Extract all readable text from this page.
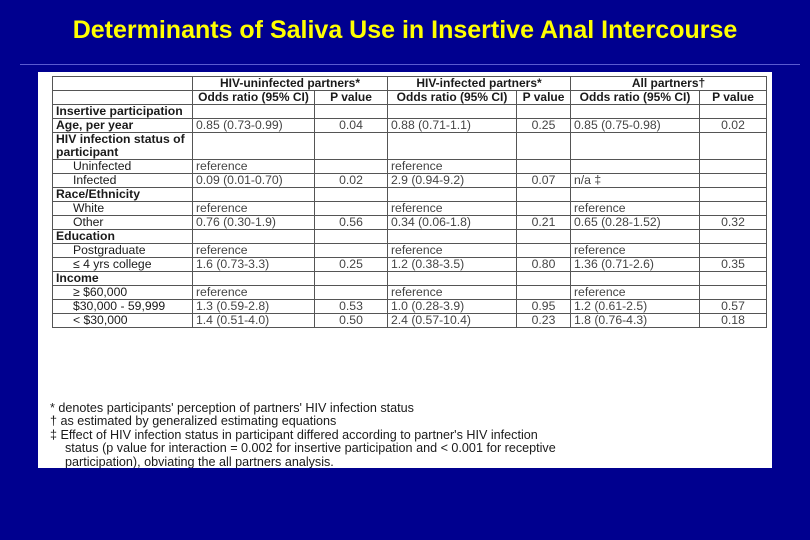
Determinants of Saliva Use in Insertive Anal Intercourse
	HIV-uninfected partners*		HIV-infected partners*		All partners†	
	Odds ratio (95% CI)	P value	Odds ratio (95% CI)	P value	Odds ratio (95% CI)	P value
Insertive participation						
Age, per year	0.85 (0.73-0.99)	0.04	0.88 (0.71-1.1)	0.25	0.85 (0.75-0.98)	0.02
HIV infection status of participant						
Uninfected	reference		reference			
Infected	0.09 (0.01-0.70)	0.02	2.9 (0.94-9.2)	0.07	n/a ‡	
Race/Ethnicity						
White	reference		reference		reference	
Other	0.76 (0.30-1.9)	0.56	0.34 (0.06-1.8)	0.21	0.65 (0.28-1.52)	0.32
Education						
Postgraduate	reference		reference		reference	
≤ 4 yrs college	1.6 (0.73-3.3)	0.25	1.2 (0.38-3.5)	0.80	1.36 (0.71-2.6)	0.35
Income						
≥ $60,000	reference		reference		reference	
$30,000 - 59,999	1.3 (0.59-2.8)	0.53	1.0 (0.28-3.9)	0.95	1.2 (0.61-2.5)	0.57
< $30,000	1.4 (0.51-4.0)	0.50	2.4 (0.57-10.4)	0.23	1.8 (0.76-4.3)	0.18
* denotes participants' perception of partners' HIV infection status
† as estimated by generalized estimating equations
‡ Effect of HIV infection status in participant differed according to partner's HIV infection
status (p value for interaction = 0.002 for insertive participation and < 0.001 for receptive
participation), obviating the all partners analysis.
